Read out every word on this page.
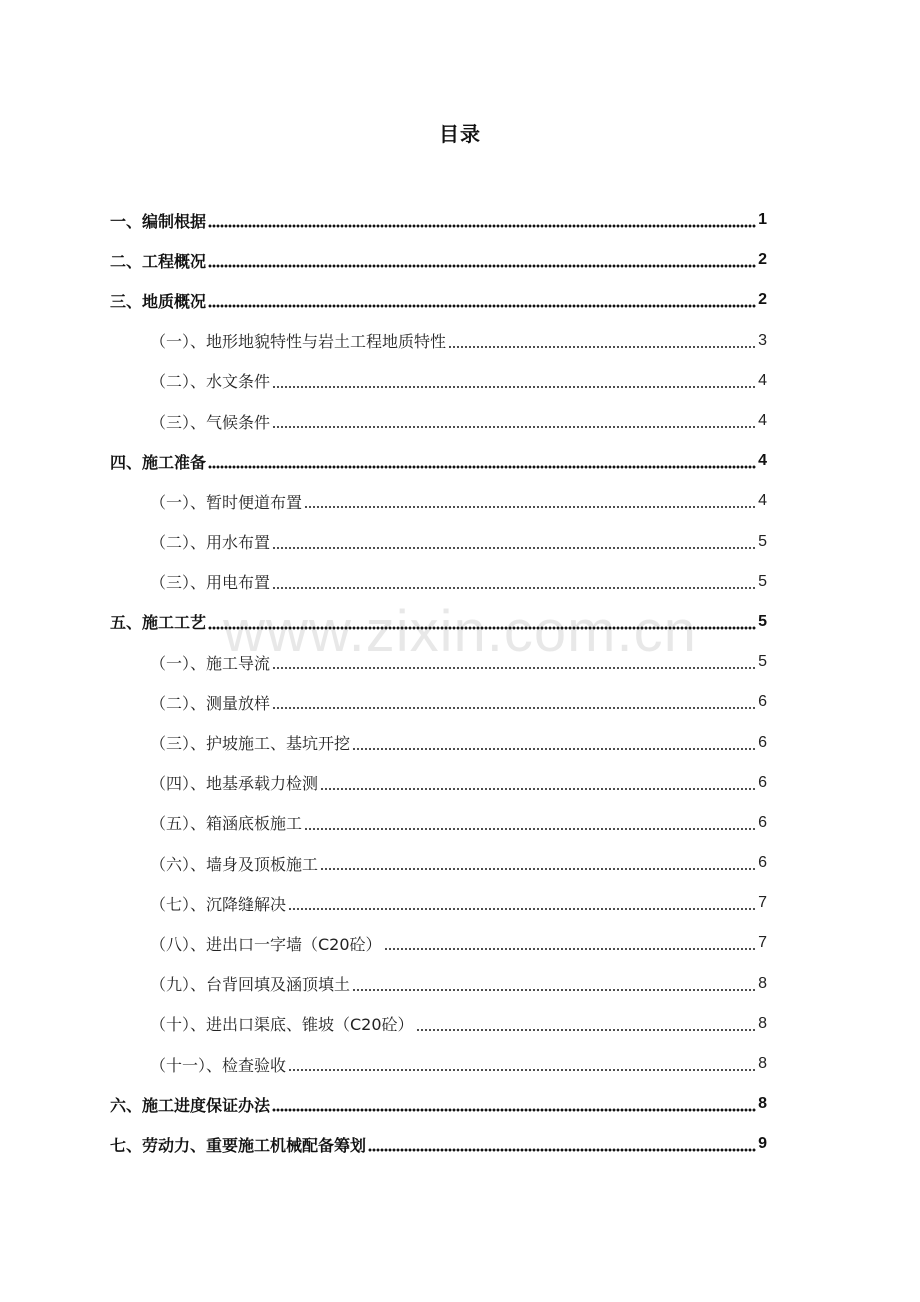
目录
www.zixin.com.cn
一、编制根据	1
二、工程概况	2
三、地质概况	2
（一）、地形地貌特性与岩土工程地质特性	3
（二）、水文条件	4
（三）、气候条件	4
四、施工准备	4
（一）、暂时便道布置	4
（二）、用水布置	5
（三）、用电布置	5
五、施工工艺	5
（一）、施工导流	5
（二）、测量放样	6
（三）、护坡施工、基坑开挖	6
（四）、地基承载力检测	6
（五）、箱涵底板施工	6
（六）、墙身及顶板施工	6
（七）、沉降缝解决	7
（八）、进出口一字墙（C20砼）	7
（九）、台背回填及涵顶填土	8
（十）、进出口渠底、锥坡（C20砼）	8
（十一）、检查验收	8
六、施工进度保证办法	8
七、劳动力、重要施工机械配备筹划	9
